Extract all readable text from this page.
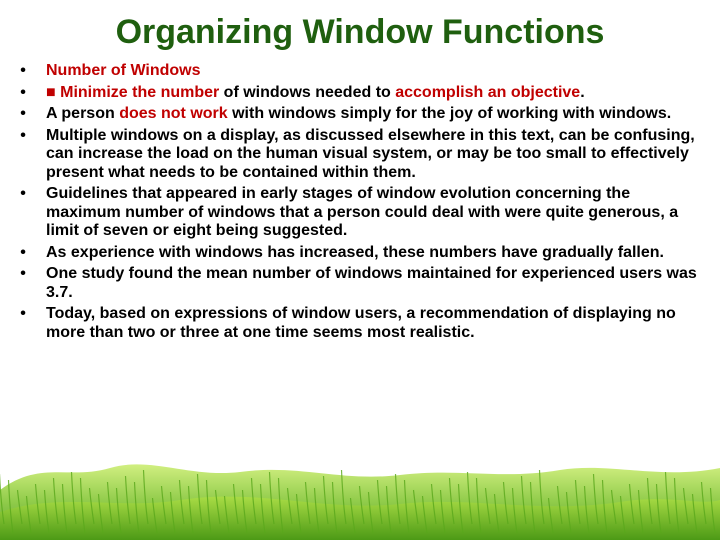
Organizing Window Functions
• Number of Windows
• ■ Minimize the number of windows needed to accomplish an objective.
• A person does not work with windows simply for the joy of working with windows.
• Multiple windows on a display, as discussed elsewhere in this text, can be confusing, can increase the load on the human visual system, or may be too small to effectively present what needs to be contained within them.
• Guidelines that appeared in early stages of window evolution concerning the maximum number of windows that a person could deal with were quite generous, a limit of seven or eight being suggested.
• As experience with windows has increased, these numbers have gradually fallen.
• One study found the mean number of windows maintained for experienced users was 3.7.
• Today, based on expressions of window users, a recommendation of displaying no more than two or three at one time seems most realistic.
